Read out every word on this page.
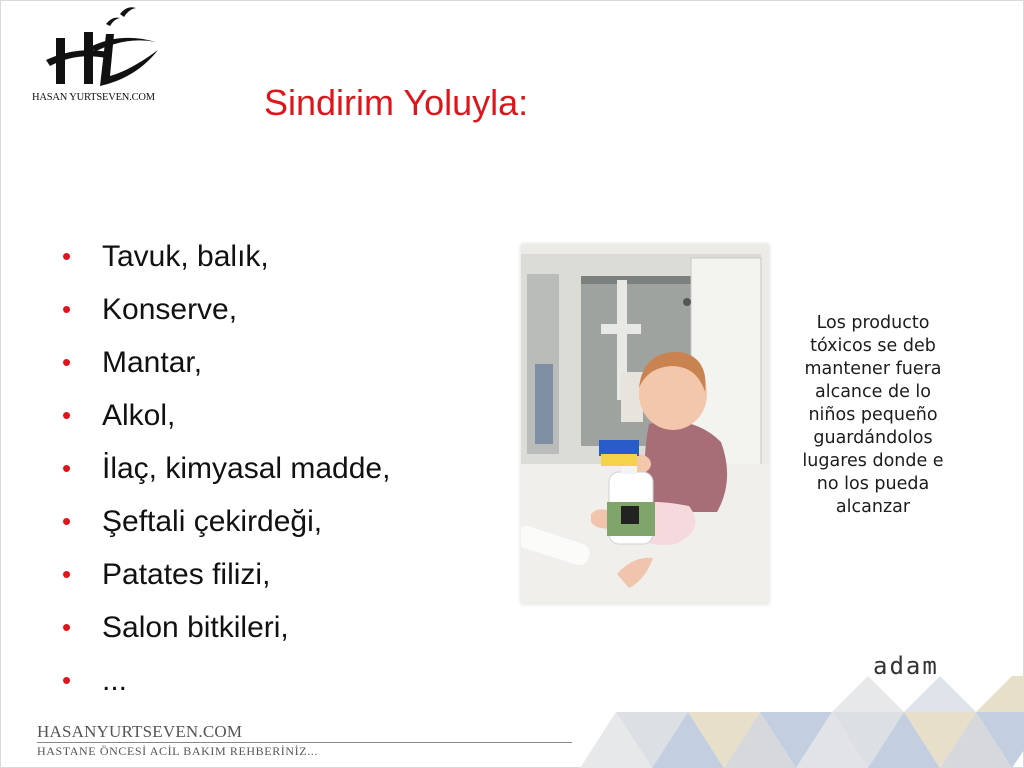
HASAN YURTSEVEN.COM	Sindirim Yoluyla:
• Tavuk, balık,
• Konserve,
• Mantar,
• Alkol,
• İlaç, kimyasal madde,
• Şeftali çekirdeği,
• Patates filizi,
• Salon bitkileri,
• ...
Los producto
tóxicos se deb
mantener fuera
alcance de lo
niños pequeño
guardándolos
lugares donde e
no los pueda
alcanzar
adam
HASANYURTSEVEN.COM
HASTANE ÖNCESİ ACİL BAKIM REHBERİNİZ...
